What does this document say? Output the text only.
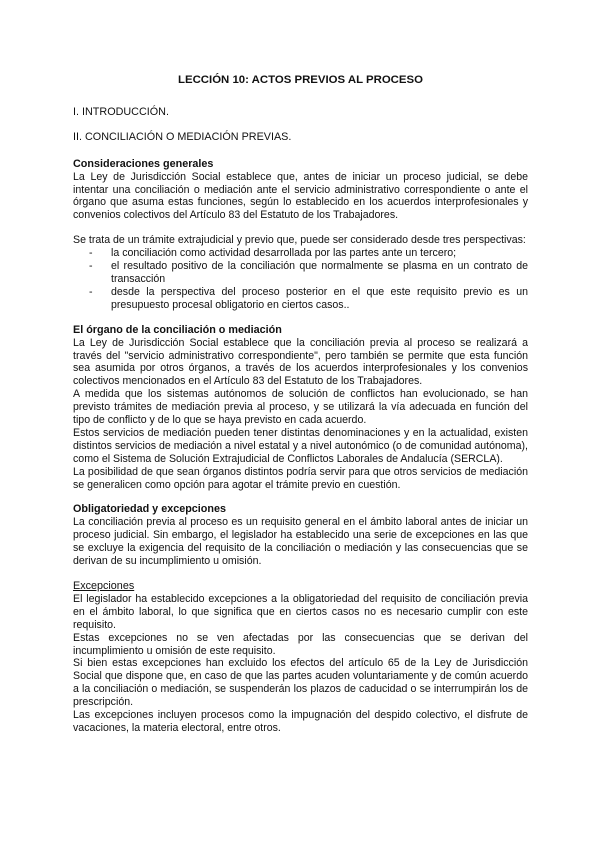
LECCIÓN 10: ACTOS PREVIOS AL PROCESO
I. INTRODUCCIÓN.
II. CONCILIACIÓN O MEDIACIÓN PREVIAS.
Consideraciones generales

La Ley de Jurisdicción Social establece que, antes de iniciar un proceso judicial, se debe intentar una conciliación o mediación ante el servicio administrativo correspondiente o ante el órgano que asuma estas funciones, según lo establecido en los acuerdos interprofesionales y convenios colectivos del Artículo 83 del Estatuto de los Trabajadores.

Se trata de un trámite extrajudicial y previo que, puede ser considerado desde tres perspectivas:

- la conciliación como actividad desarrollada por las partes ante un tercero;
- el resultado positivo de la conciliación que normalmente se plasma en un contrato de transacción
- desde la perspectiva del proceso posterior en el que este requisito previo es un presupuesto procesal obligatorio en ciertos casos..
El órgano de la conciliación o mediación

La Ley de Jurisdicción Social establece que la conciliación previa al proceso se realizará a través del "servicio administrativo correspondiente", pero también se permite que esta función sea asumida por otros órganos, a través de los acuerdos interprofesionales y los convenios colectivos mencionados en el Artículo 83 del Estatuto de los Trabajadores.

A medida que los sistemas autónomos de solución de conflictos han evolucionado, se han previsto trámites de mediación previa al proceso, y se utilizará la vía adecuada en función del tipo de conflicto y de lo que se haya previsto en cada acuerdo.

Estos servicios de mediación pueden tener distintas denominaciones y en la actualidad, existen distintos servicios de mediación a nivel estatal y a nivel autonómico (o de comunidad autónoma), como el Sistema de Solución Extrajudicial de Conflictos Laborales de Andalucía (SERCLA).

La posibilidad de que sean órganos distintos podría servir para que otros servicios de mediación se generalicen como opción para agotar el trámite previo en cuestión.

Obligatoriedad y excepciones

La conciliación previa al proceso es un requisito general en el ámbito laboral antes de iniciar un proceso judicial. Sin embargo, el legislador ha establecido una serie de excepciones en las que se excluye la exigencia del requisito de la conciliación o mediación y las consecuencias que se derivan de su incumplimiento u omisión.

Excepciones

El legislador ha establecido excepciones a la obligatoriedad del requisito de conciliación previa en el ámbito laboral, lo que significa que en ciertos casos no es necesario cumplir con este requisito.

Estas excepciones no se ven afectadas por las consecuencias que se derivan del incumplimiento u omisión de este requisito.

Si bien estas excepciones han excluido los efectos del artículo 65 de la Ley de Jurisdicción Social que dispone que, en caso de que las partes acuden voluntariamente y de común acuerdo a la conciliación o mediación, se suspenderán los plazos de caducidad o se interrumpirán los de prescripción.

Las excepciones incluyen procesos como la impugnación del despido colectivo, el disfrute de vacaciones, la materia electoral, entre otros.
